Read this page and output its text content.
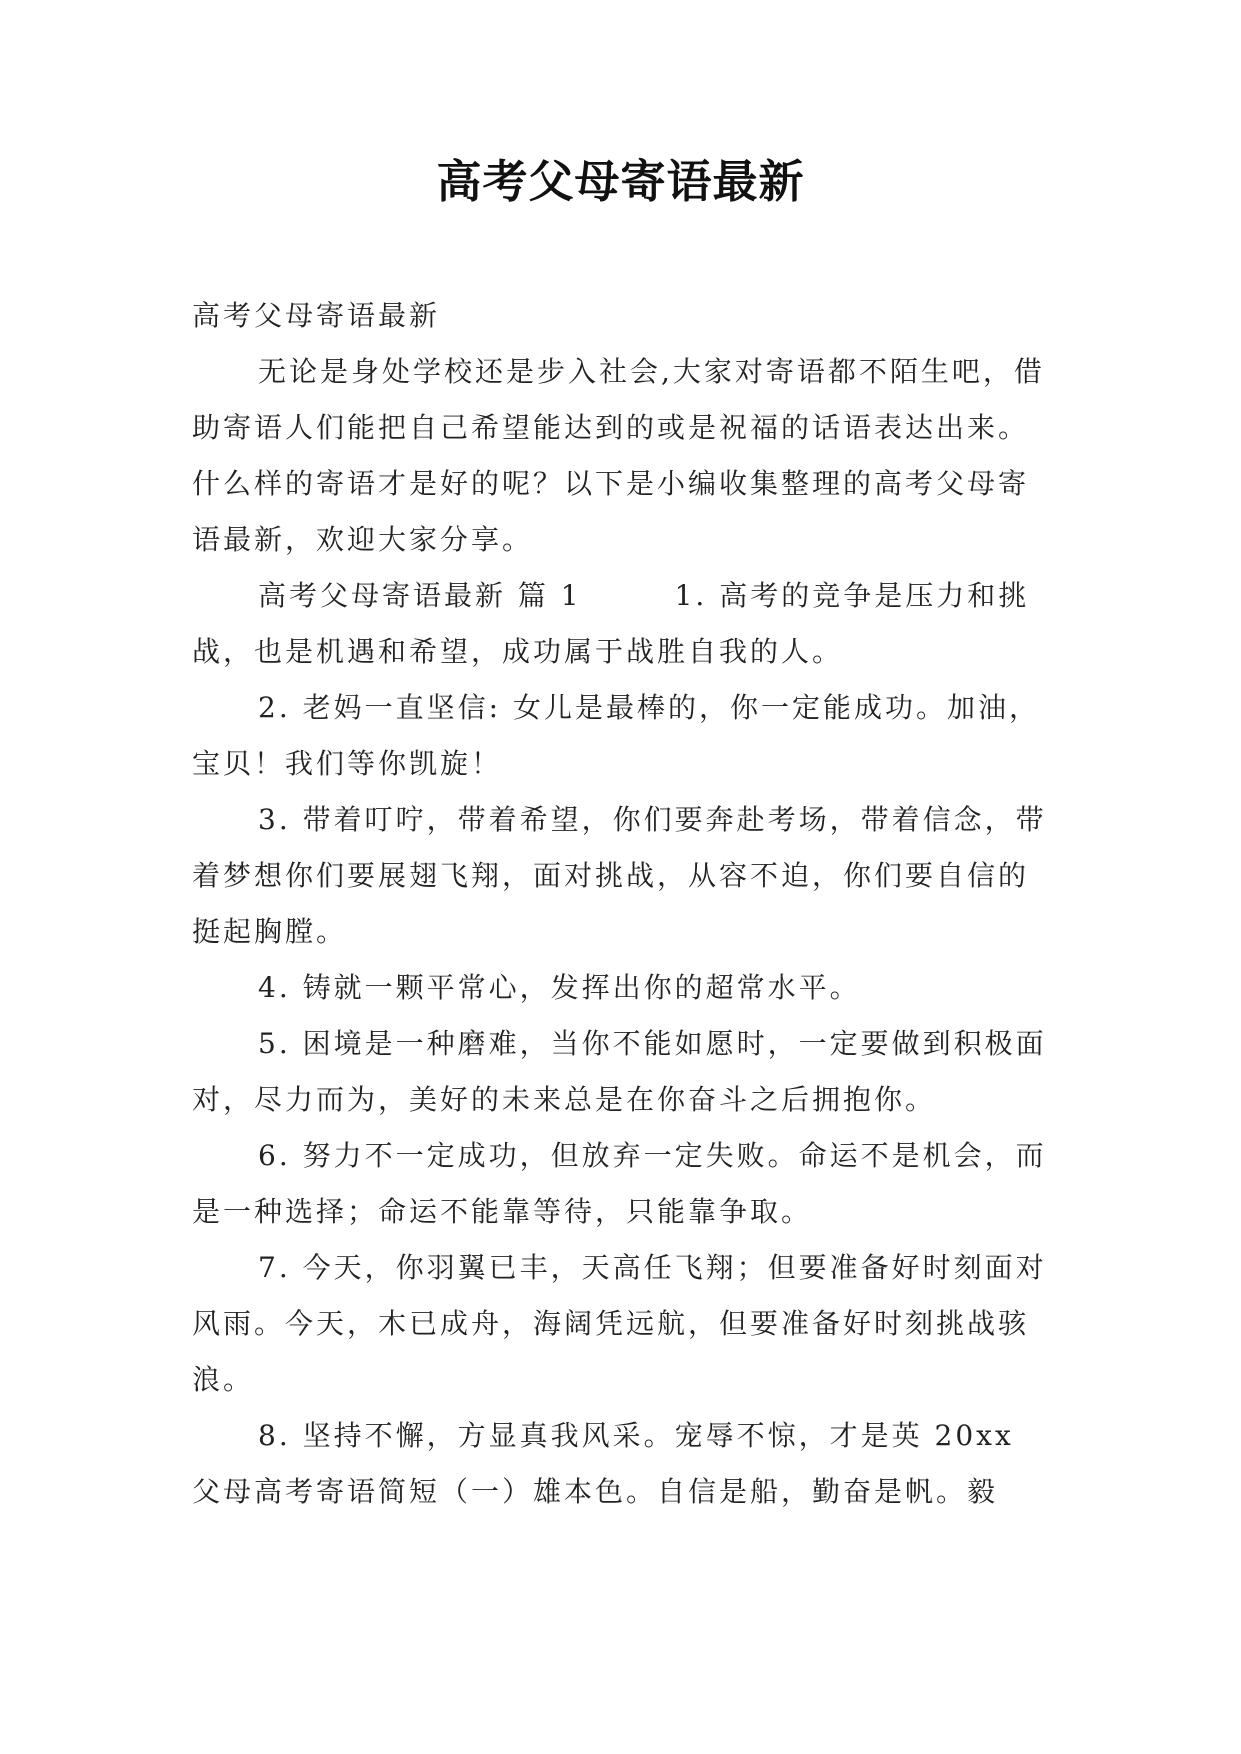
高考父母寄语最新

高考父母寄语最新

无论是身处学校还是步入社会,大家对寄语都不陌生吧，借助寄语人们能把自己希望能达到的或是祝福的话语表达出来。什么样的寄语才是好的呢？以下是小编收集整理的高考父母寄语最新，欢迎大家分享。

高考父母寄语最新 篇 1　　　1. 高考的竞争是压力和挑战，也是机遇和希望，成功属于战胜自我的人。

2. 老妈一直坚信: 女儿是最棒的，你一定能成功。加油，宝贝！我们等你凯旋！

3. 带着叮咛，带着希望，你们要奔赴考场，带着信念，带着梦想你们要展翅飞翔，面对挑战，从容不迫，你们要自信的挺起胸膛。

4. 铸就一颗平常心，发挥出你的超常水平。

5. 困境是一种磨难，当你不能如愿时，一定要做到积极面对，尽力而为，美好的未来总是在你奋斗之后拥抱你。

6. 努力不一定成功，但放弃一定失败。命运不是机会，而是一种选择；命运不能靠等待，只能靠争取。

7. 今天，你羽翼已丰，天高任飞翔；但要准备好时刻面对风雨。今天，木已成舟，海阔凭远航，但要准备好时刻挑战骇浪。

8. 坚持不懈，方显真我风采。宠辱不惊，才是英 20xx 父母高考寄语简短（一）雄本色。自信是船，勤奋是帆。毅
